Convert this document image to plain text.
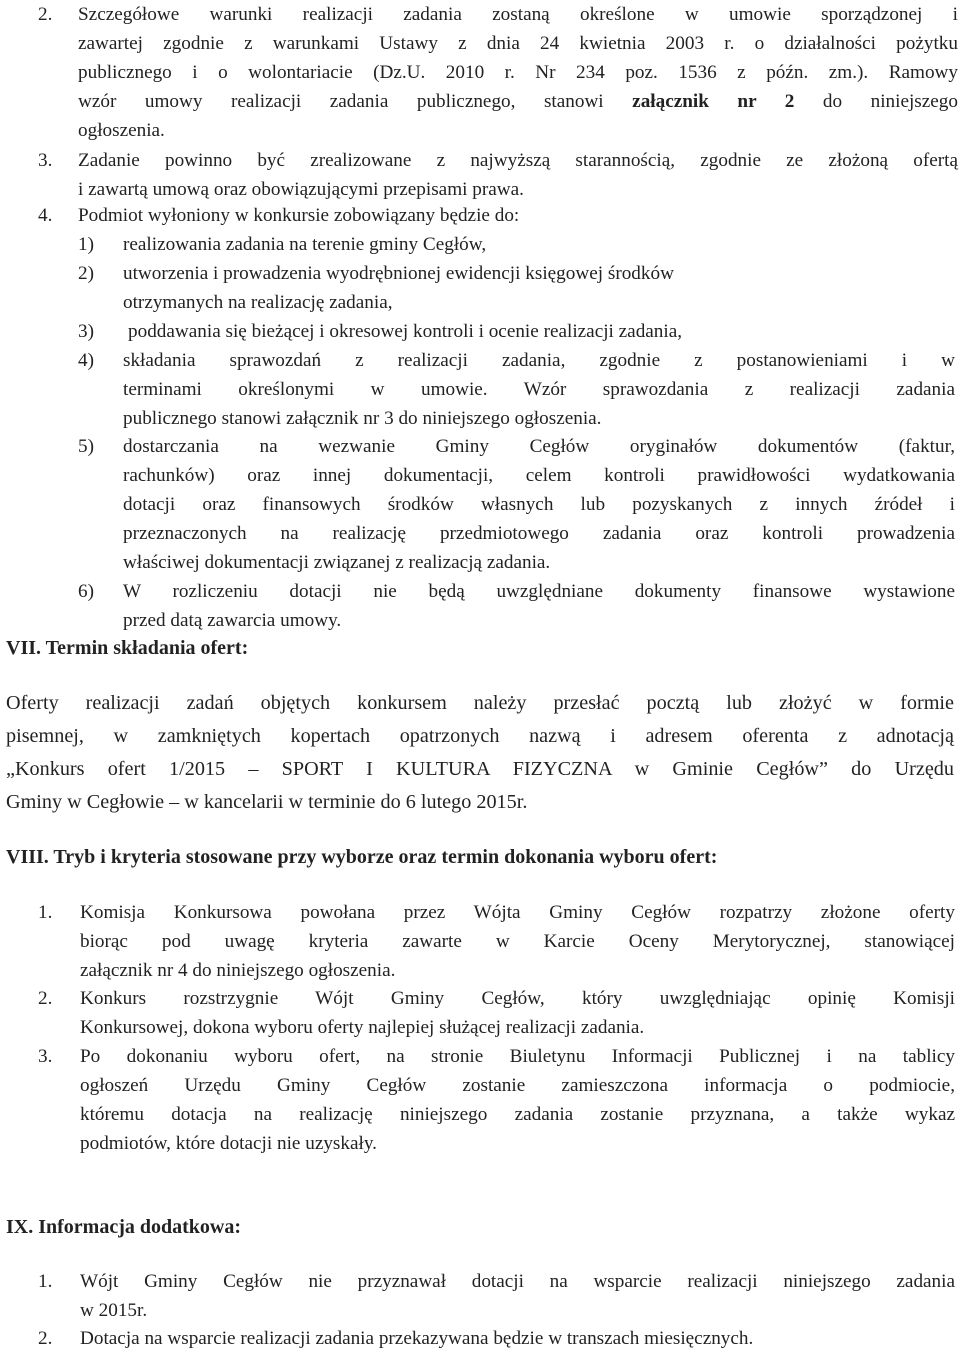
2. Szczegółowe warunki realizacji zadania zostaną określone w umowie sporządzonej i
zawartej zgodnie z warunkami Ustawy z dnia 24 kwietnia 2003 r. o działalności pożytku
publicznego i o wolontariacie (Dz.U. 2010 r. Nr 234 poz. 1536 z późn. zm.). Ramowy
wzór umowy realizacji zadania publicznego, stanowi załącznik nr 2 do niniejszego
ogłoszenia.
3. Zadanie powinno być zrealizowane z najwyższą starannością, zgodnie ze złożoną ofertą
i zawartą umową oraz obowiązującymi przepisami prawa.
4. Podmiot wyłoniony w konkursie zobowiązany będzie do:
1) realizowania zadania na terenie gminy Cegłów,
2) utworzenia i prowadzenia wyodrębnionej ewidencji księgowej środków
otrzymanych na realizację zadania,
3) poddawania się bieżącej i okresowej kontroli i ocenie realizacji zadania,
4) składania sprawozdań z realizacji zadania, zgodnie z postanowieniami i w
terminami określonymi w umowie. Wzór sprawozdania z realizacji zadania
publicznego stanowi załącznik nr 3 do niniejszego ogłoszenia.
5) dostarczania na wezwanie Gminy Cegłów oryginałów dokumentów (faktur,
rachunków) oraz innej dokumentacji, celem kontroli prawidłowości wydatkowania
dotacji oraz finansowych środków własnych lub pozyskanych z innych źródeł i
przeznaczonych na realizację przedmiotowego zadania oraz kontroli prowadzenia
właściwej dokumentacji związanej z realizacją zadania.
6) W rozliczeniu dotacji nie będą uwzględniane dokumenty finansowe wystawione
przed datą zawarcia umowy.
VII. Termin składania ofert:
Oferty realizacji zadań objętych konkursem należy przesłać pocztą lub złożyć w formie
pisemnej, w zamkniętych kopertach opatrzonych nazwą i adresem oferenta z adnotacją
„Konkurs ofert 1/2015 – SPORT I KULTURA FIZYCZNA w Gminie Cegłów” do Urzędu
Gminy w Cegłowie – w kancelarii w terminie do 6 lutego 2015r.
VIII. Tryb i kryteria stosowane przy wyborze oraz termin dokonania wyboru ofert:
1. Komisja Konkursowa powołana przez Wójta Gminy Cegłów rozpatrzy złożone oferty
biorąc pod uwagę kryteria zawarte w Karcie Oceny Merytorycznej, stanowiącej
załącznik nr 4 do niniejszego ogłoszenia.
2. Konkurs rozstrzygnie Wójt Gminy Cegłów, który uwzględniając opinię Komisji
Konkursowej, dokona wyboru oferty najlepiej służącej realizacji zadania.
3. Po dokonaniu wyboru ofert, na stronie Biuletynu Informacji Publicznej i na tablicy
ogłoszeń Urzędu Gminy Cegłów zostanie zamieszczona informacja o podmiocie,
któremu dotacja na realizację niniejszego zadania zostanie przyznana, a także wykaz
podmiotów, które dotacji nie uzyskały.
IX. Informacja dodatkowa:
1. Wójt Gminy Cegłów nie przyznawał dotacji na wsparcie realizacji niniejszego zadania
w 2015r.
2. Dotacja na wsparcie realizacji zadania przekazywana będzie w transzach miesięcznych.
